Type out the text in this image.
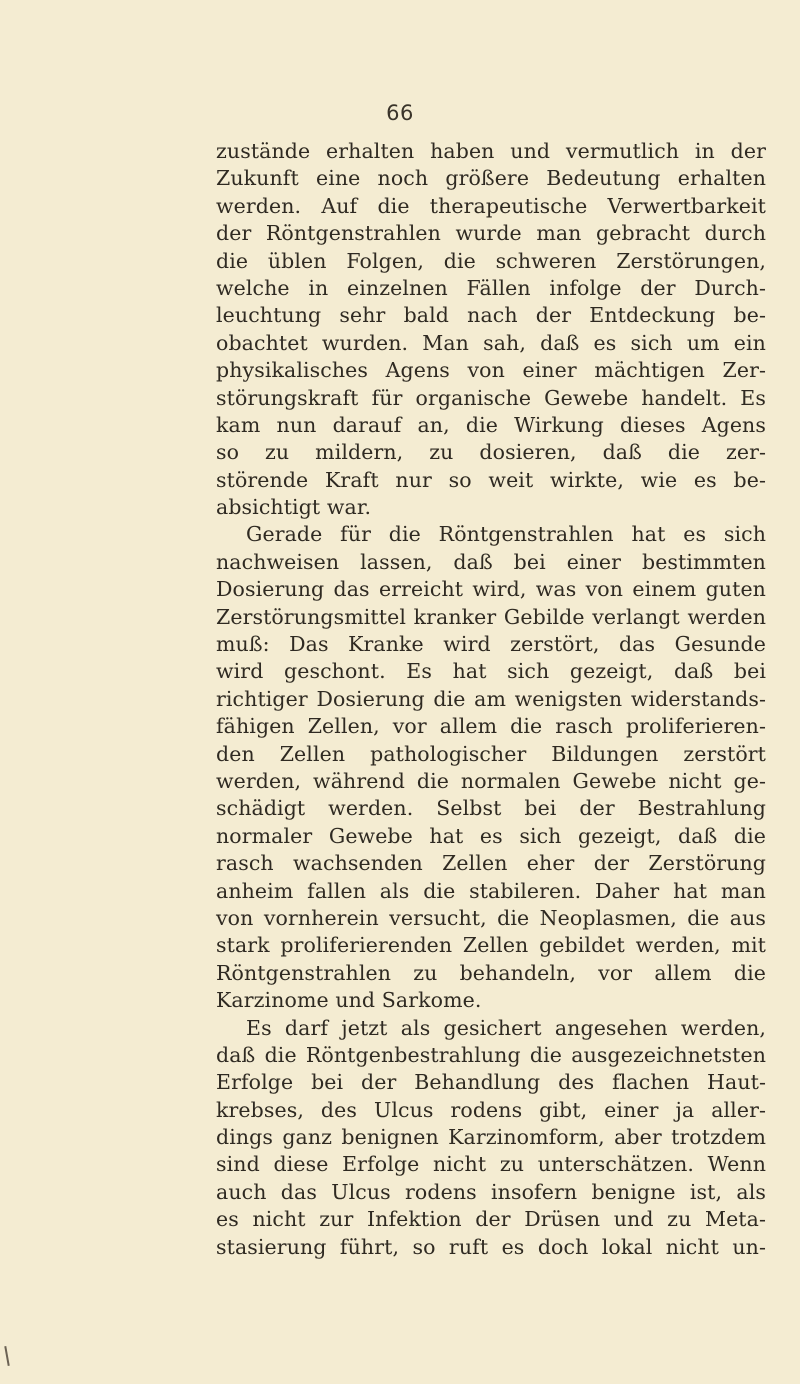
66
zustände erhalten haben und vermutlich in der
Zukunft eine noch größere Bedeutung erhalten
werden. Auf die therapeutische Verwertbarkeit
der Röntgenstrahlen wurde man gebracht durch
die üblen Folgen, die schweren Zerstörungen,
welche in einzelnen Fällen infolge der Durch-
leuchtung sehr bald nach der Entdeckung be-
obachtet wurden. Man sah, daß es sich um ein
physikalisches Agens von einer mächtigen Zer-
störungskraft für organische Gewebe handelt. Es
kam nun darauf an, die Wirkung dieses Agens
so zu mildern, zu dosieren, daß die zer-
störende Kraft nur so weit wirkte, wie es be-
absichtigt war.
Gerade für die Röntgenstrahlen hat es sich
nachweisen lassen, daß bei einer bestimmten
Dosierung das erreicht wird, was von einem guten
Zerstörungsmittel kranker Gebilde verlangt werden
muß: Das Kranke wird zerstört, das Gesunde
wird geschont. Es hat sich gezeigt, daß bei
richtiger Dosierung die am wenigsten widerstands-
fähigen Zellen, vor allem die rasch proliferieren-
den Zellen pathologischer Bildungen zerstört
werden, während die normalen Gewebe nicht ge-
schädigt werden. Selbst bei der Bestrahlung
normaler Gewebe hat es sich gezeigt, daß die
rasch wachsenden Zellen eher der Zerstörung
anheim fallen als die stabileren. Daher hat man
von vornherein versucht, die Neoplasmen, die aus
stark proliferierenden Zellen gebildet werden, mit
Röntgenstrahlen zu behandeln, vor allem die
Karzinome und Sarkome.
Es darf jetzt als gesichert angesehen werden,
daß die Röntgenbestrahlung die ausgezeichnetsten
Erfolge bei der Behandlung des flachen Haut-
krebses, des Ulcus rodens gibt, einer ja aller-
dings ganz benignen Karzinomform, aber trotzdem
sind diese Erfolge nicht zu unterschätzen. Wenn
auch das Ulcus rodens insofern benigne ist, als
es nicht zur Infektion der Drüsen und zu Meta-
stasierung führt, so ruft es doch lokal nicht un-
